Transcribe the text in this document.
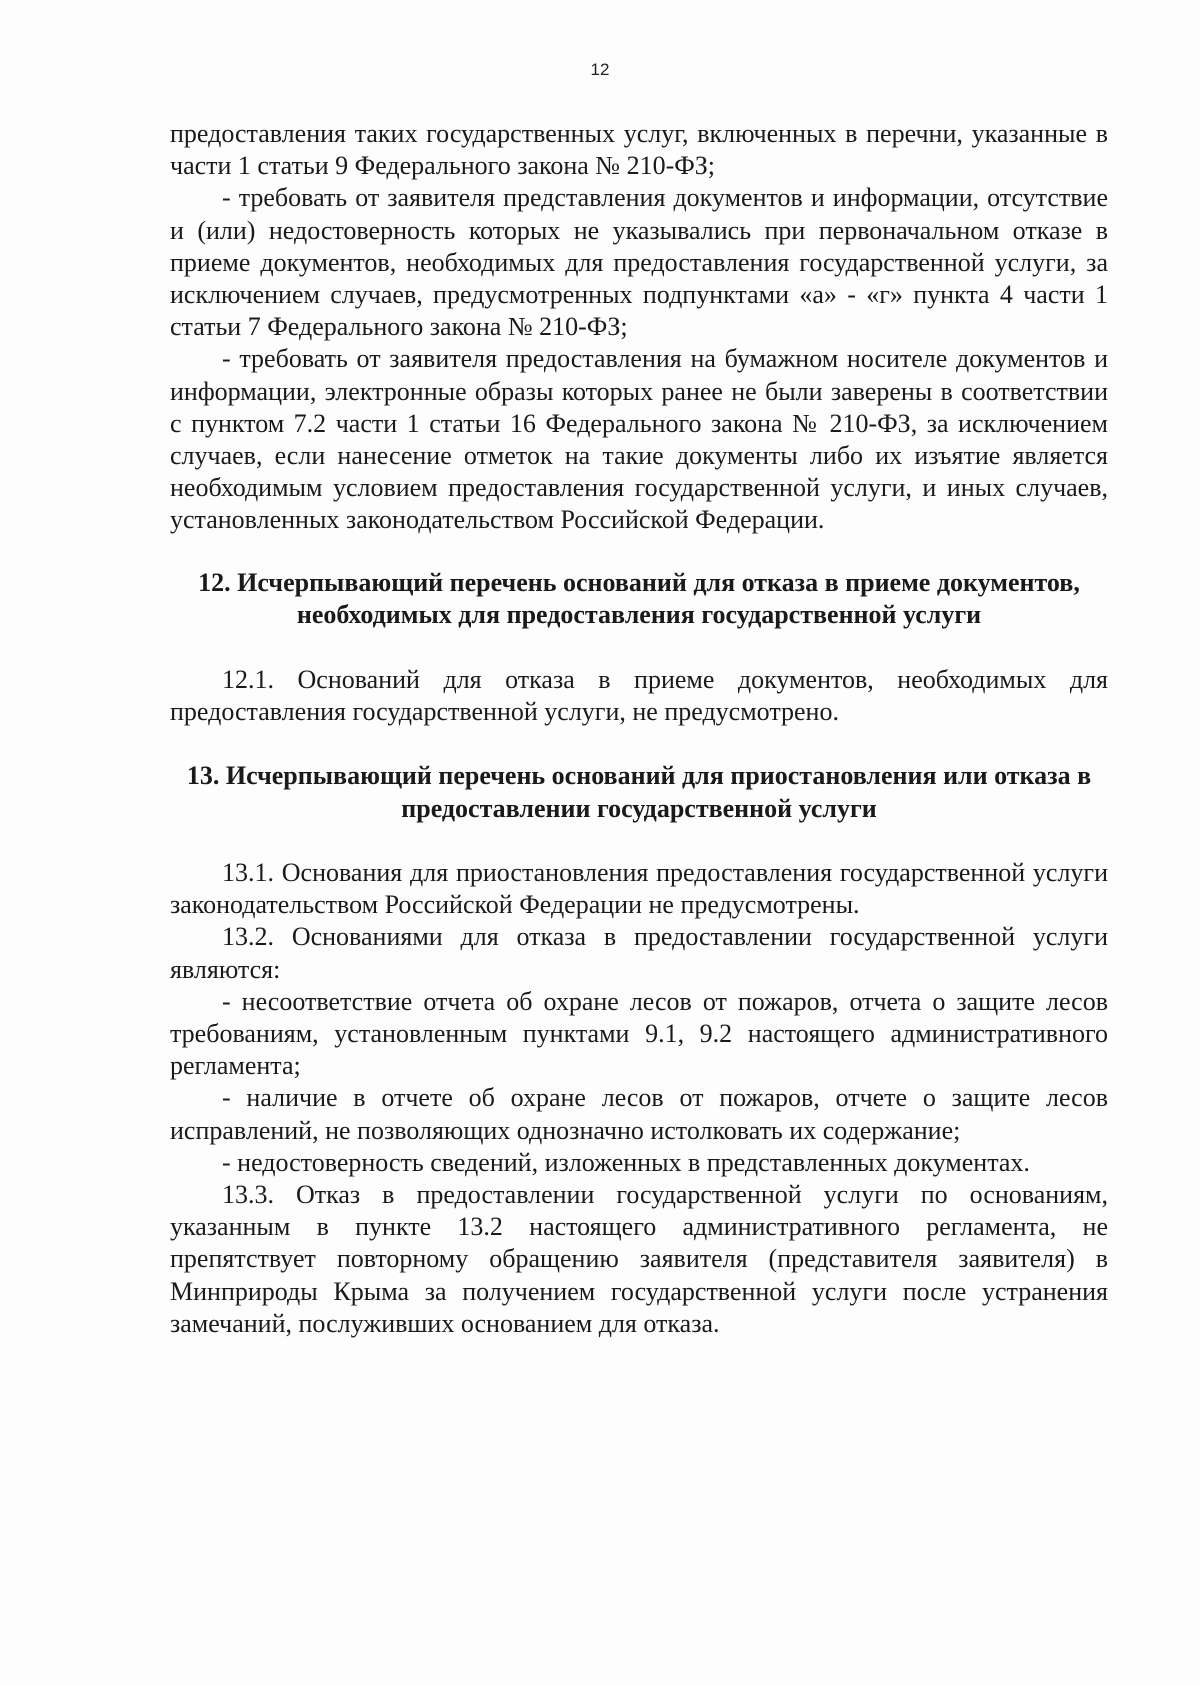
12

предоставления таких государственных услуг, включенных в перечни, указанные в части 1 статьи 9 Федерального закона № 210-ФЗ;

- требовать от заявителя представления документов и информации, отсутствие и (или) недостоверность которых не указывались при первоначальном отказе в приеме документов, необходимых для предоставления государственной услуги, за исключением случаев, предусмотренных подпунктами «а» - «г» пункта 4 части 1 статьи 7 Федерального закона № 210-ФЗ;

- требовать от заявителя предоставления на бумажном носителе документов и информации, электронные образы которых ранее не были заверены в соответствии с пунктом 7.2 части 1 статьи 16 Федерального закона № 210-ФЗ, за исключением случаев, если нанесение отметок на такие документы либо их изъятие является необходимым условием предоставления государственной услуги, и иных случаев, установленных законодательством Российской Федерации.

12. Исчерпывающий перечень оснований для отказа в приеме документов, необходимых для предоставления государственной услуги

12.1. Оснований для отказа в приеме документов, необходимых для предоставления государственной услуги, не предусмотрено.

13. Исчерпывающий перечень оснований для приостановления или отказа в предоставлении государственной услуги

13.1. Основания для приостановления предоставления государственной услуги законодательством Российской Федерации не предусмотрены.

13.2. Основаниями для отказа в предоставлении государственной услуги являются:

- несоответствие отчета об охране лесов от пожаров, отчета о защите лесов требованиям, установленным пунктами 9.1, 9.2 настоящего административного регламента;

- наличие в отчете об охране лесов от пожаров, отчете о защите лесов исправлений, не позволяющих однозначно истолковать их содержание;

- недостоверность сведений, изложенных в представленных документах.

13.3. Отказ в предоставлении государственной услуги по основаниям, указанным в пункте 13.2 настоящего административного регламента, не препятствует повторному обращению заявителя (представителя заявителя) в Минприроды Крыма за получением государственной услуги после устранения замечаний, послуживших основанием для отказа.
